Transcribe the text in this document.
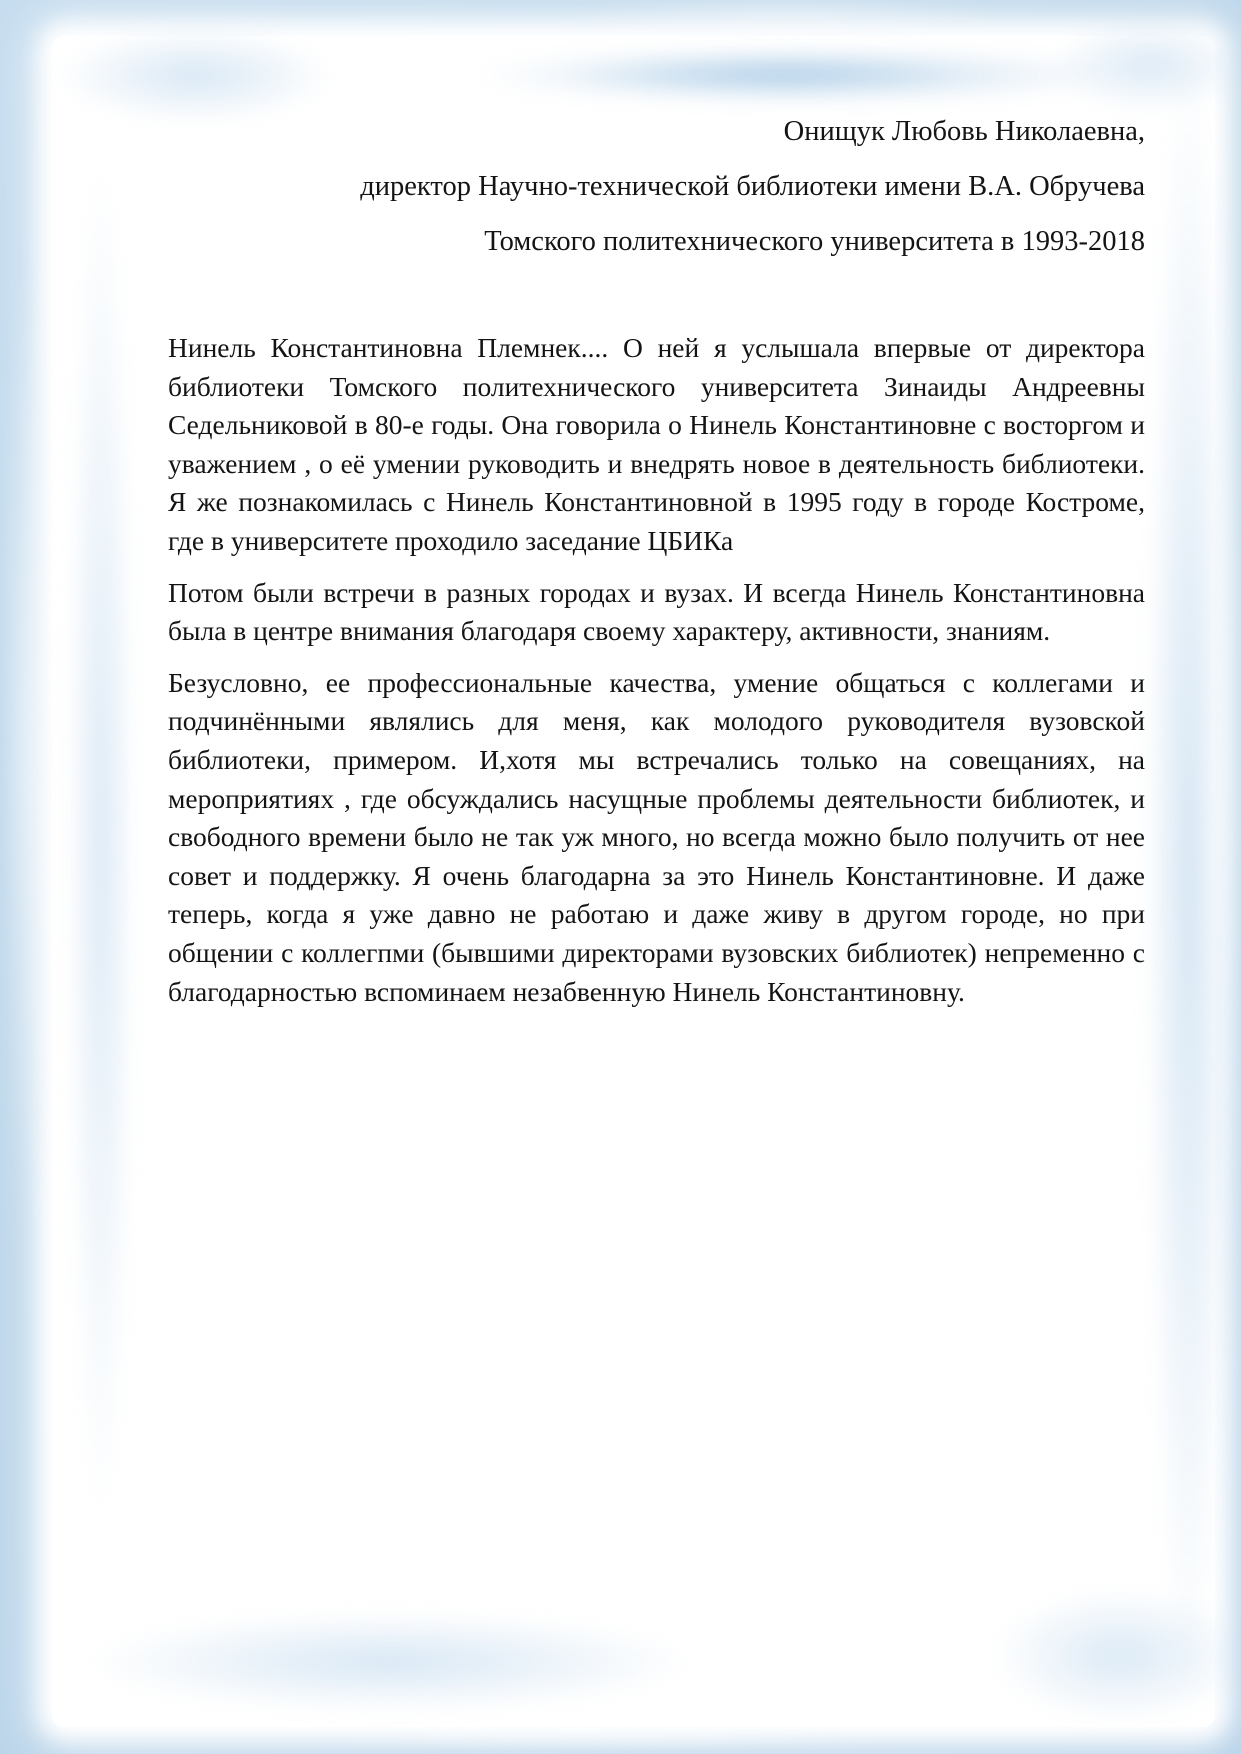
Онищук Любовь Николаевна,
директор Научно-технической библиотеки имени В.А. Обручева
Томского политехнического университета в 1993-2018

Нинель Константиновна Племнек.... О ней я услышала впервые от директора библиотеки Томского политехнического университета Зинаиды Андреевны Седельниковой в 80-е годы. Она говорила о Нинель Константиновне с восторгом и уважением , о её умении руководить и внедрять новое в деятельность библиотеки. Я же познакомилась с Нинель Константиновной в 1995 году в городе Костроме, где в университете проходило заседание ЦБИКа

Потом были встречи в разных городах и вузах. И всегда Нинель Константиновна была в центре внимания благодаря своему характеру, активности, знаниям.

Безусловно, ее профессиональные качества, умение общаться с коллегами и подчинёнными являлись для меня, как молодого руководителя вузовской библиотеки, примером. И,хотя мы встречались только на совещаниях, на мероприятиях , где обсуждались насущные проблемы деятельности библиотек, и свободного времени было не так уж много, но всегда можно было получить от нее совет и поддержку. Я очень благодарна за это Нинель Константиновне. И даже теперь, когда я уже давно не работаю и даже живу в другом городе, но при общении с коллегпми (бывшими директорами вузовских библиотек) непременно с благодарностью вспоминаем незабвенную Нинель Константиновну.
